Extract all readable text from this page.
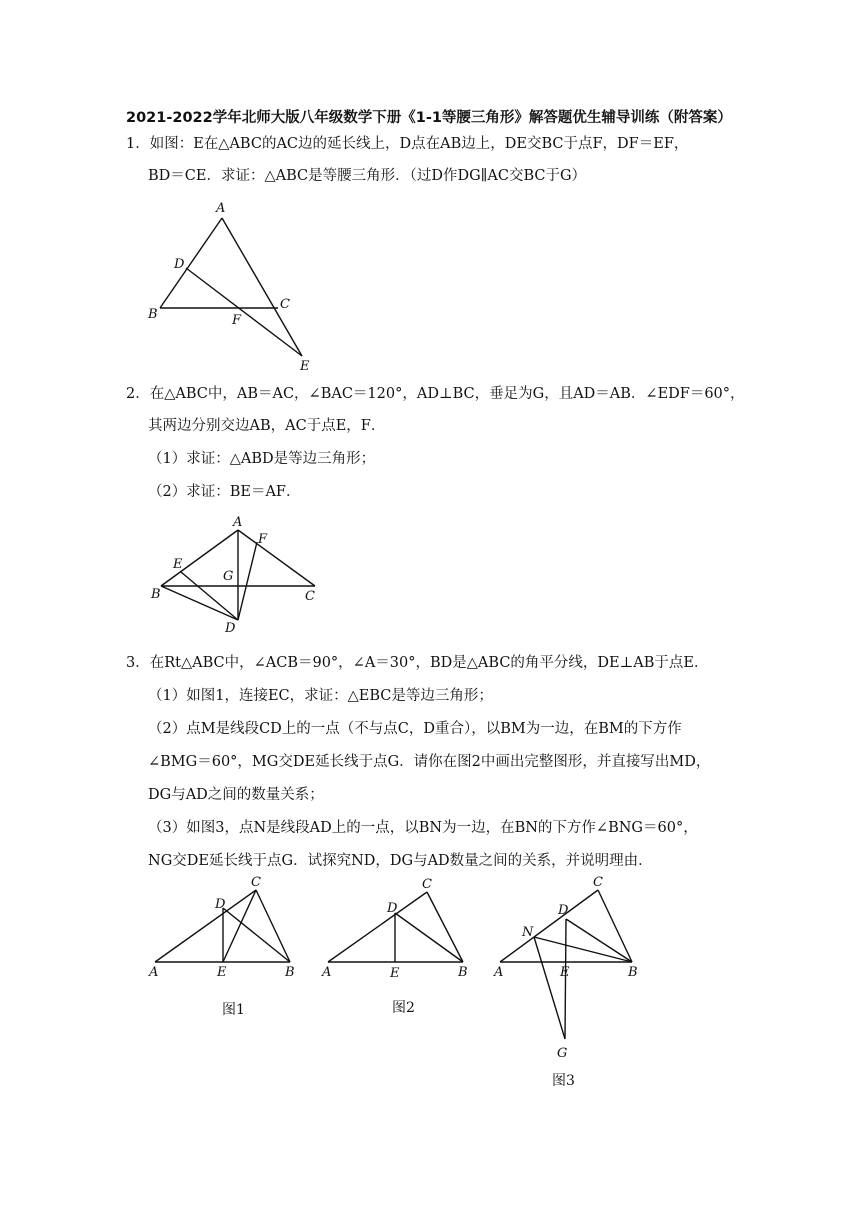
2021-2022学年北师大版八年级数学下册《1-1等腰三角形》解答题优生辅导训练（附答案）
1．如图：E在△ABC的AC边的延长线上，D点在AB边上，DE交BC于点F，DF＝EF，
BD＝CE．求证：△ABC是等腰三角形．（过D作DG∥AC交BC于G）
A
B
C
D
E
F
2．在△ABC中，AB＝AC，∠BAC＝120°，AD⊥BC，垂足为G，且AD＝AB．∠EDF＝60°，
其两边分别交边AB，AC于点E，F．
（1）求证：△ABD是等边三角形；
（2）求证：BE＝AF．
A
B	C
D
E
F
G
3．在Rt△ABC中，∠ACB＝90°，∠A＝30°，BD是△ABC的角平分线，DE⊥AB于点E．
（1）如图1，连接EC，求证：△EBC是等边三角形；
（2）点M是线段CD上的一点（不与点C，D重合），以BM为一边，在BM的下方作
∠BMG＝60°，MG交DE延长线于点G．请你在图2中画出完整图形，并直接写出MD，
DG与AD之间的数量关系；
（3）如图3，点N是线段AD上的一点，以BN为一边，在BN的下方作∠BNG＝60°，
NG交DE延长线于点G．试探究ND，DG与AD数量之间的关系，并说明理由．
C
D
A	E	B
图1
C
D
A	E	B
图2
C
D
N
A	E	B
G
图3
